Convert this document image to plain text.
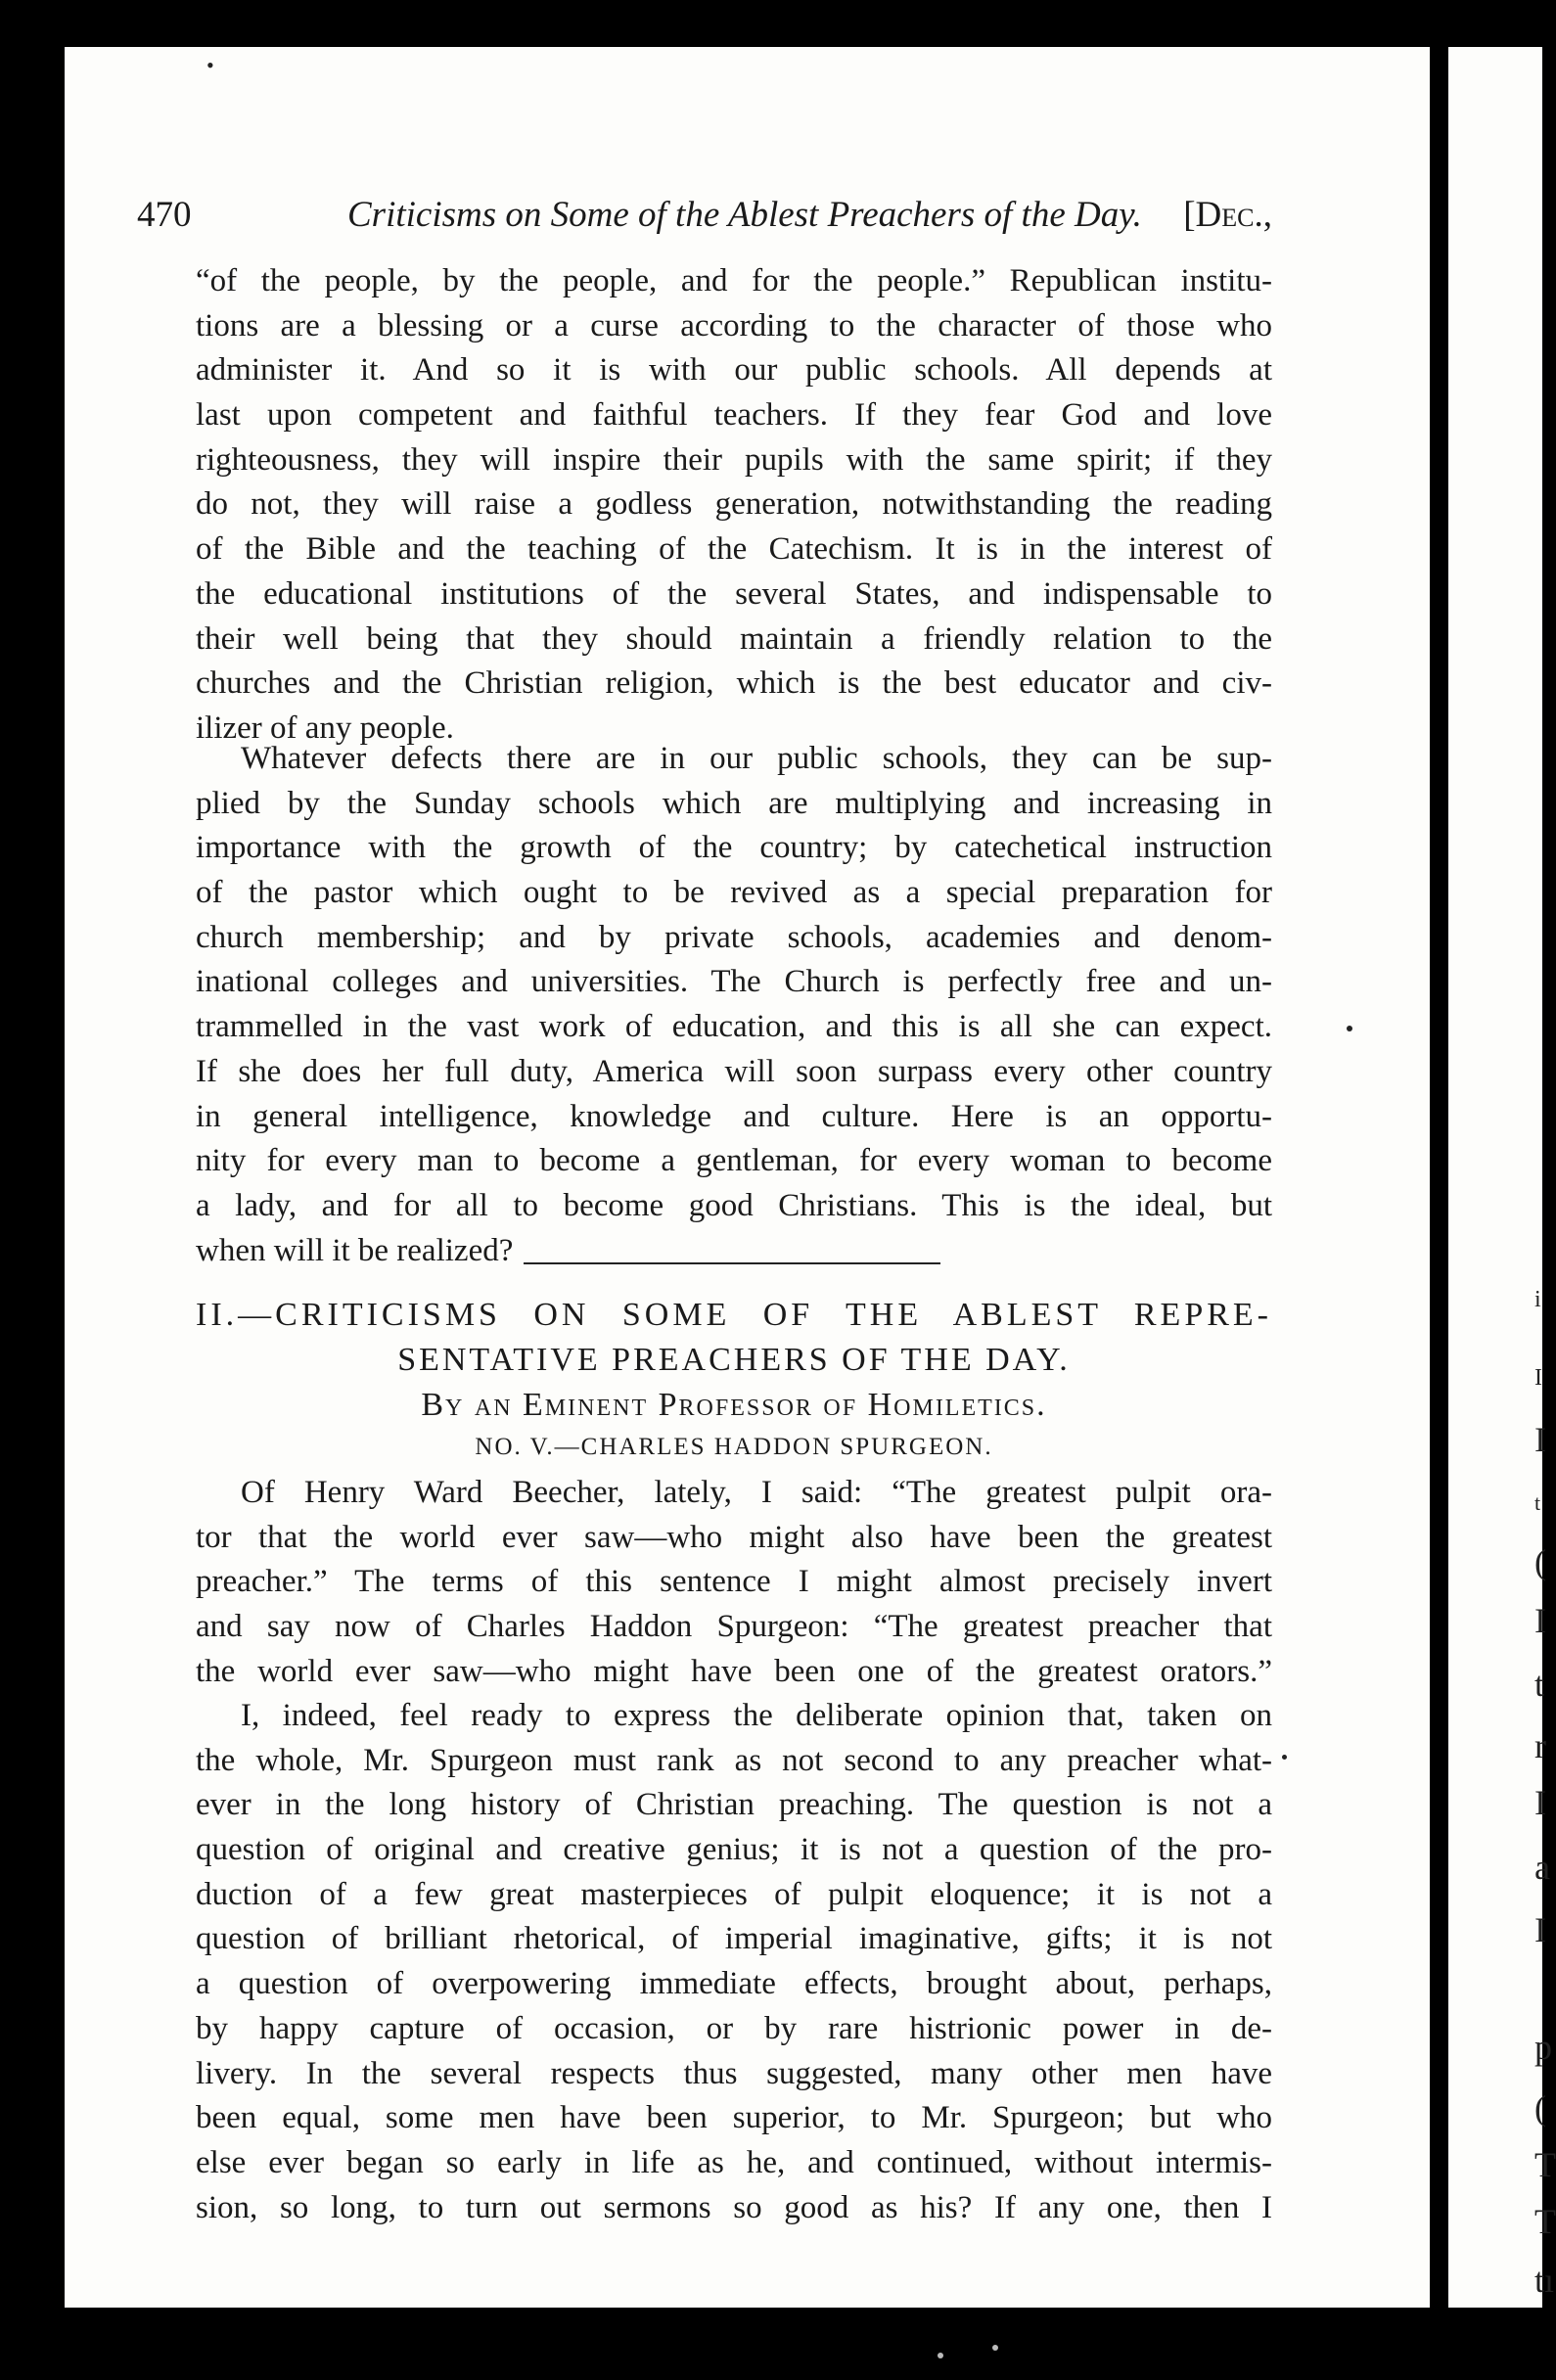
•
470	Criticisms on Some of the Ablest Preachers of the Day. [Dec.,
“of the people, by the people, and for the people.” Republican institu-
tions are a blessing or a curse according to the character of those who
administer it. And so it is with our public schools. All depends at
last upon competent and faithful teachers. If they fear God and love
righteousness, they will inspire their pupils with the same spirit; if they
do not, they will raise a godless generation, notwithstanding the reading
of the Bible and the teaching of the Catechism. It is in the interest of
the educational institutions of the several States, and indispensable to
their well being that they should maintain a friendly relation to the
churches and the Christian religion, which is the best educator and civ-
ilizer of any people.
Whatever defects there are in our public schools, they can be sup-
plied by the Sunday schools which are multiplying and increasing in
importance with the growth of the country; by catechetical instruction
of the pastor which ought to be revived as a special preparation for
church membership; and by private schools, academies and denom-
inational colleges and universities. The Church is perfectly free and un-
trammelled in the vast work of education, and this is all she can expect.
If she does her full duty, America will soon surpass every other country
in general intelligence, knowledge and culture. Here is an opportu-
nity for every man to become a gentleman, for every woman to become
a lady, and for all to become good Christians. This is the ideal, but
when will it be realized?
II.—CRITICISMS ON SOME OF THE ABLEST REPRE-
SENTATIVE PREACHERS OF THE DAY.
By an Eminent Professor of Homiletics.
NO. V.—CHARLES HADDON SPURGEON.
Of Henry Ward Beecher, lately, I said: “The greatest pulpit ora-
tor that the world ever saw—who might also have been the greatest
preacher.” The terms of this sentence I might almost precisely invert
and say now of Charles Haddon Spurgeon: “The greatest preacher that
the world ever saw—who might have been one of the greatest orators.”
I, indeed, feel ready to express the deliberate opinion that, taken on
the whole, Mr. Spurgeon must rank as not second to any preacher what-
ever in the long history of Christian preaching. The question is not a
question of original and creative genius; it is not a question of the pro-
duction of a few great masterpieces of pulpit eloquence; it is not a
question of brilliant rhetorical, of imperial imaginative, gifts; it is not
a question of overpowering immediate effects, brought about, perhaps,
by happy capture of occasion, or by rare histrionic power in de-
livery. In the several respects thus suggested, many other men have
been equal, some men have been superior, to Mr. Spurgeon; but who
else ever began so early in life as he, and continued, without intermis-
sion, so long, to turn out sermons so good as his? If any one, then I
i
I
I
t
(
I
t
r
I
a
I
p
(
T
T
tı
